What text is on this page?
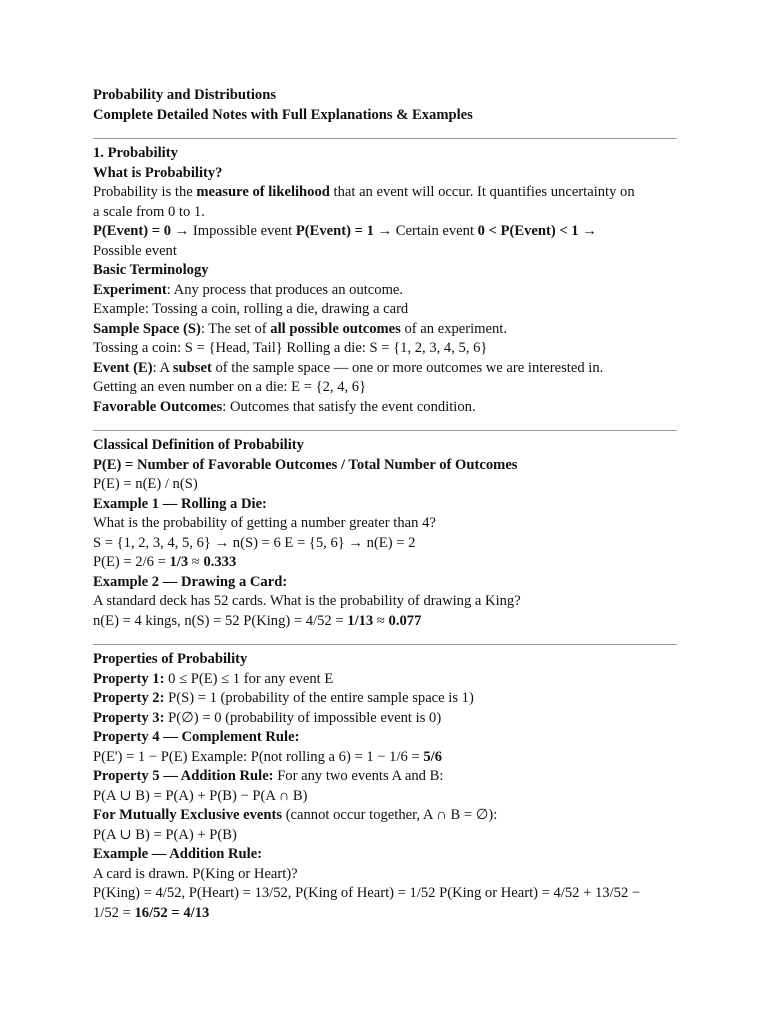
Probability and Distributions
Complete Detailed Notes with Full Explanations & Examples
1. Probability
What is Probability?
Probability is the measure of likelihood that an event will occur. It quantifies uncertainty on
a scale from 0 to 1.
P(Event) = 0 → Impossible event P(Event) = 1 → Certain event 0 < P(Event) < 1 →
Possible event
Basic Terminology
Experiment: Any process that produces an outcome.
Example: Tossing a coin, rolling a die, drawing a card
Sample Space (S): The set of all possible outcomes of an experiment.
Tossing a coin: S = {Head, Tail} Rolling a die: S = {1, 2, 3, 4, 5, 6}
Event (E): A subset of the sample space — one or more outcomes we are interested in.
Getting an even number on a die: E = {2, 4, 6}
Favorable Outcomes: Outcomes that satisfy the event condition.
Classical Definition of Probability
P(E) = Number of Favorable Outcomes / Total Number of Outcomes
P(E) = n(E) / n(S)
Example 1 — Rolling a Die:
What is the probability of getting a number greater than 4?
S = {1, 2, 3, 4, 5, 6} → n(S) = 6 E = {5, 6} → n(E) = 2
P(E) = 2/6 = 1/3 ≈ 0.333
Example 2 — Drawing a Card:
A standard deck has 52 cards. What is the probability of drawing a King?
n(E) = 4 kings, n(S) = 52 P(King) = 4/52 = 1/13 ≈ 0.077
Properties of Probability
Property 1: 0 ≤ P(E) ≤ 1 for any event E
Property 2: P(S) = 1 (probability of the entire sample space is 1)
Property 3: P(∅) = 0 (probability of impossible event is 0)
Property 4 — Complement Rule:
P(E') = 1 − P(E) Example: P(not rolling a 6) = 1 − 1/6 = 5/6
Property 5 — Addition Rule: For any two events A and B:
P(A ∪ B) = P(A) + P(B) − P(A ∩ B)
For Mutually Exclusive events (cannot occur together, A ∩ B = ∅):
P(A ∪ B) = P(A) + P(B)
Example — Addition Rule:
A card is drawn. P(King or Heart)?
P(King) = 4/52, P(Heart) = 13/52, P(King of Heart) = 1/52 P(King or Heart) = 4/52 + 13/52 −
1/52 = 16/52 = 4/13
